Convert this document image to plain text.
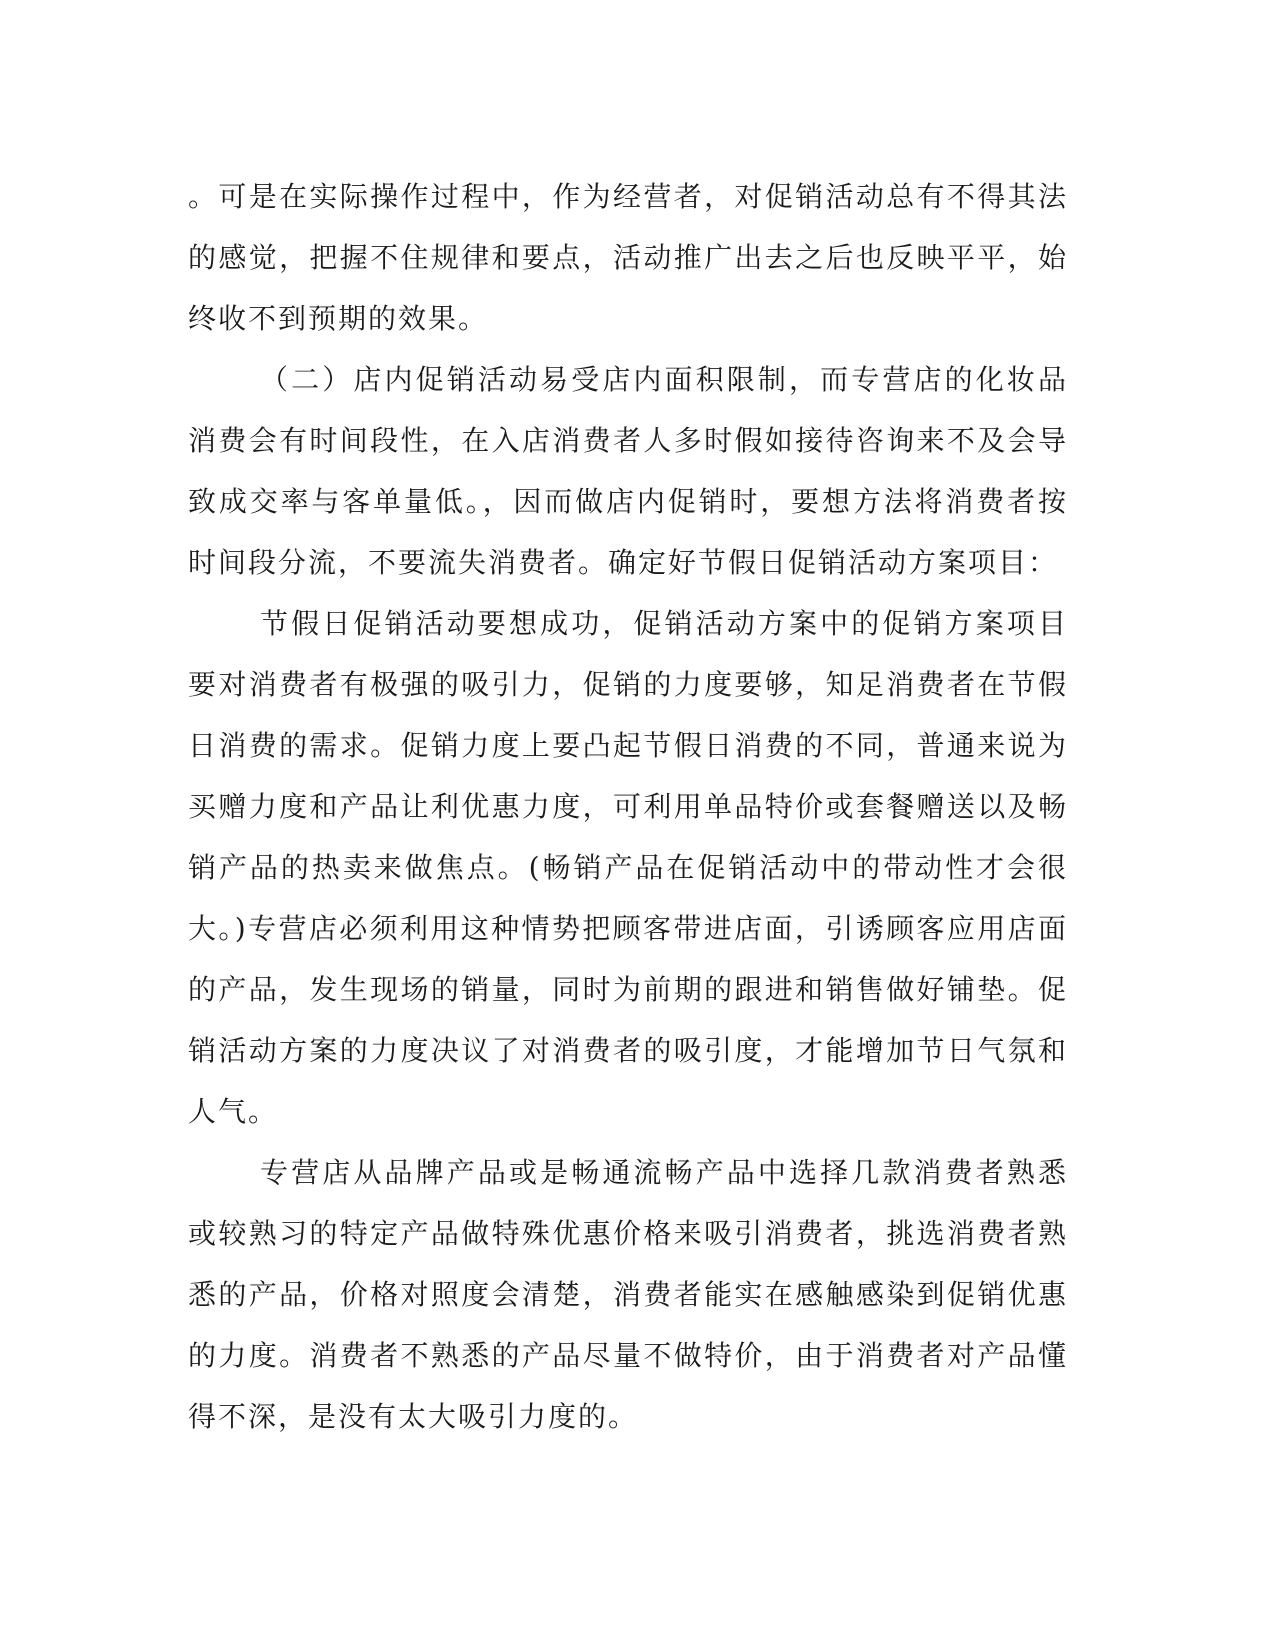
。可是在实际操作过程中，作为经营者，对促销活动总有不得其法的感觉，把握不住规律和要点，活动推广出去之后也反映平平，始终收不到预期的效果。

（二）店内促销活动易受店内面积限制，而专营店的化妆品消费会有时间段性，在入店消费者人多时假如接待咨询来不及会导致成交率与客单量低。，因而做店内促销时，要想方法将消费者按时间段分流，不要流失消费者。确定好节假日促销活动方案项目：

节假日促销活动要想成功，促销活动方案中的促销方案项目要对消费者有极强的吸引力，促销的力度要够，知足消费者在节假日消费的需求。促销力度上要凸起节假日消费的不同，普通来说为买赠力度和产品让利优惠力度，可利用单品特价或套餐赠送以及畅销产品的热卖来做焦点。(畅销产品在促销活动中的带动性才会很大。)专营店必须利用这种情势把顾客带进店面，引诱顾客应用店面的产品，发生现场的销量，同时为前期的跟进和销售做好铺垫。促销活动方案的力度决议了对消费者的吸引度，才能增加节日气氛和人气。

专营店从品牌产品或是畅通流畅产品中选择几款消费者熟悉或较熟习的特定产品做特殊优惠价格来吸引消费者，挑选消费者熟悉的产品，价格对照度会清楚，消费者能实在感触感染到促销优惠的力度。消费者不熟悉的产品尽量不做特价，由于消费者对产品懂得不深，是没有太大吸引力度的。
